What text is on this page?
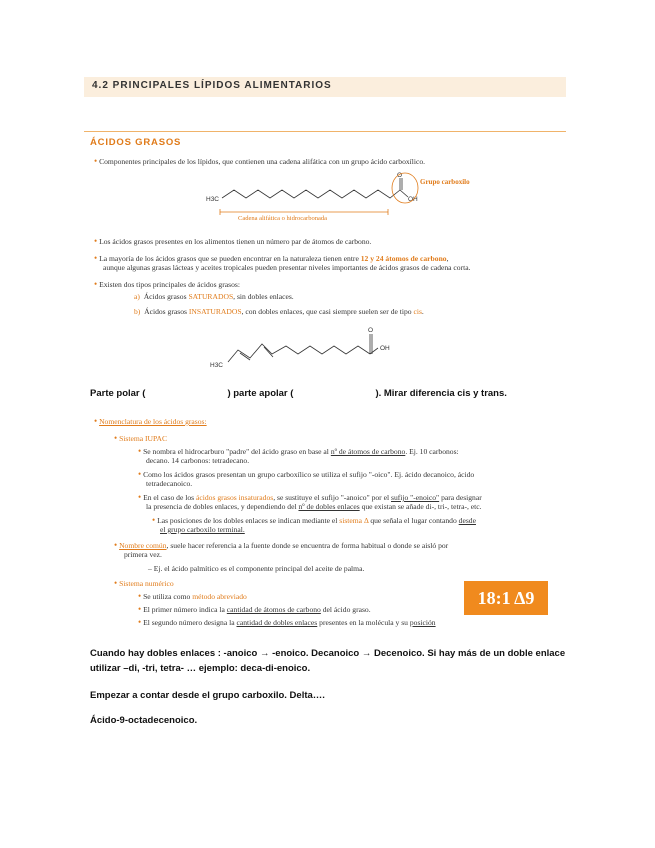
4.2 PRINCIPALES LÍPIDOS ALIMENTARIOS
ÁCIDOS GRASOS
• Componentes principales de los lípidos, que contienen una cadena alifática con un grupo ácido carboxílico.
H3C
O
OH
Grupo carboxilo
Cadena alifática o hidrocarbonada
• Los ácidos grasos presentes en los alimentos tienen un número par de átomos de carbono.
• La mayoría de los ácidos grasos que se pueden encontrar en la naturaleza tienen entre 12 y 24 átomos de carbono,
aunque algunas grasas lácteas y aceites tropicales pueden presentar niveles importantes de ácidos grasos de cadena corta.
• Existen dos tipos principales de ácidos grasos:
a) Ácidos grasos SATURADOS, sin dobles enlaces.
b) Ácidos grasos INSATURADOS, con dobles enlaces, que casi siempre suelen ser de tipo cis.
H3C
O
OH
Parte polar (	) parte apolar (	). Mirar diferencia cis y trans.
• Nomenclatura de los ácidos grasos:
• Sistema IUPAC
• Se nombra el hidrocarburo "padre" del ácido graso en base al nº de átomos de carbono. Ej. 10 carbonos:
decano. 14 carbonos: tetradecano.
• Como los ácidos grasos presentan un grupo carboxílico se utiliza el sufijo "-oico". Ej. ácido decanoico, ácido
tetradecanoico.
• En el caso de los ácidos grasos insaturados, se sustituye el sufijo "-anoico" por el sufijo "-enoico" para designar
la presencia de dobles enlaces, y dependiendo del nº de dobles enlaces que existan se añade di-, tri-, tetra-, etc.
• Las posiciones de los dobles enlaces se indican mediante el sistema Δ que señala el lugar contando desde
el grupo carboxilo terminal.
• Nombre común, suele hacer referencia a la fuente donde se encuentra de forma habitual o donde se aisló por
primera vez.
– Ej. el ácido palmítico es el componente principal del aceite de palma.
• Sistema numérico
• Se utiliza como método abreviado
• El primer número indica la cantidad de átomos de carbono del ácido graso.
• El segundo número designa la cantidad de dobles enlaces presentes en la molécula y su posición
18:1 Δ9
Cuando hay dobles enlaces : -anoico → -enoico. Decanoico → Decenoico. Si hay más de un doble enlace
utilizar –di, -tri, tetra- … ejemplo: deca-di-enoico.
Empezar a contar desde el grupo carboxilo. Delta….
Ácido-9-octadecenoico.
